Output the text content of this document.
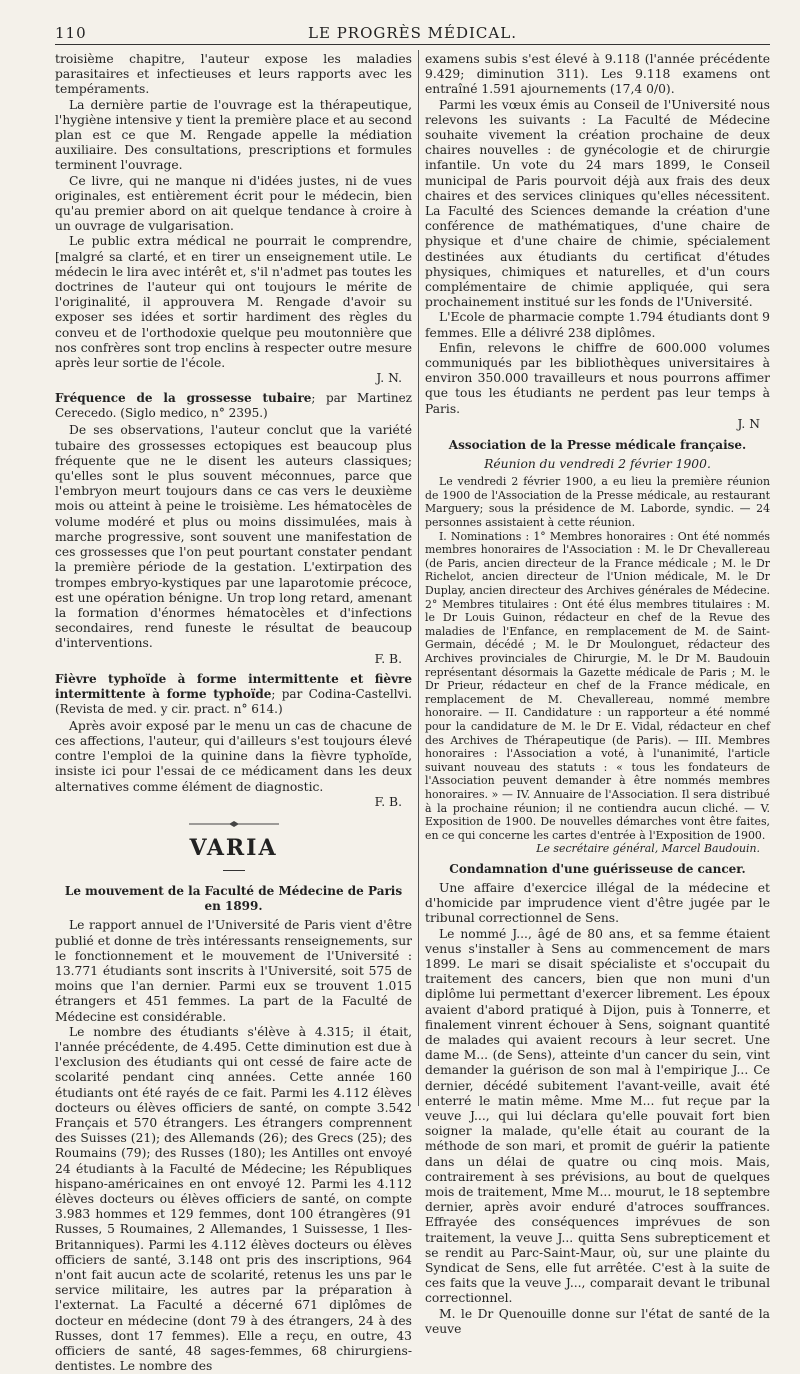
110	LE PROGRÈS MÉDICAL.

troisième chapitre, l'auteur expose les maladies parasitaires et infectieuses et leurs rapports avec les tempéraments.

La dernière partie de l'ouvrage est la thérapeutique, l'hygiène intensive y tient la première place et au second plan est ce que M. Rengade appelle la médiation auxiliaire. Des consultations, prescriptions et formules terminent l'ouvrage.

Ce livre, qui ne manque ni d'idées justes, ni de vues originales, est entièrement écrit pour le médecin, bien qu'au premier abord on ait quelque tendance à croire à un ouvrage de vulgarisation.

Le public extra médical ne pourrait le comprendre, [malgré sa clarté, et en tirer un enseignement utile. Le médecin le lira avec intérêt et, s'il n'admet pas toutes les doctrines de l'auteur qui ont toujours le mérite de l'originalité, il approuvera M. Rengade d'avoir su exposer ses idées et sortir hardiment des règles du conveu et de l'orthodoxie quelque peu moutonnière que nos confrères sont trop enclins à respecter outre mesure après leur sortie de l'école.

J. N.

Fréquence de la grossesse tubaire; par Martinez Cerecedo. (Siglo medico, n° 2395.)

De ses observations, l'auteur conclut que la variété tubaire des grossesses ectopiques est beaucoup plus fréquente que ne le disent les auteurs classiques; qu'elles sont le plus souvent méconnues, parce que l'embryon meurt toujours dans ce cas vers le deuxième mois ou atteint à peine le troisième. Les hématocèles de volume modéré et plus ou moins dissimulées, mais à marche progressive, sont souvent une manifestation de ces grossesses que l'on peut pourtant constater pendant la première période de la gestation. L'extirpation des trompes embryo-kystiques par une laparotomie précoce, est une opération bénigne. Un trop long retard, amenant la formation d'énormes hématocèles et d'infections secondaires, rend funeste le résultat de beaucoup d'interventions.

F. B.

Fièvre typhoïde à forme intermittente et fièvre intermittente à forme typhoïde; par Codina-Castellvi. (Revista de med. y cir. pract. n° 614.)

Après avoir exposé par le menu un cas de chacune de ces affections, l'auteur, qui d'ailleurs s'est toujours élevé contre l'emploi de la quinine dans la fièvre typhoïde, insiste ici pour l'essai de ce médicament dans les deux alternatives comme élément de diagnostic.

F. B.

VARIA
Le mouvement de la Faculté de Médecine de Paris en 1899.

Le rapport annuel de l'Université de Paris vient d'être publié et donne de très intéressants renseignements, sur le fonctionnement et le mouvement de l'Université : 13.771 étudiants sont inscrits à l'Université, soit 575 de moins que l'an dernier. Parmi eux se trouvent 1.015 étrangers et 451 femmes. La part de la Faculté de Médecine est considérable.

Le nombre des étudiants s'élève à 4.315; il était, l'année précédente, de 4.495. Cette diminution est due à l'exclusion des étudiants qui ont cessé de faire acte de scolarité pendant cinq années. Cette année 160 étudiants ont été rayés de ce fait. Parmi les 4.112 élèves docteurs ou élèves officiers de santé, on compte 3.542 Français et 570 étrangers. Les étrangers comprennent des Suisses (21); des Allemands (26); des Grecs (25); des Roumains (79); des Russes (180); les Antilles ont envoyé 24 étudiants à la Faculté de Médecine; les Républiques hispano-américaines en ont envoyé 12. Parmi les 4.112 élèves docteurs ou élèves officiers de santé, on compte 3.983 hommes et 129 femmes, dont 100 étrangères (91 Russes, 5 Roumaines, 2 Allemandes, 1 Suissesse, 1 Iles-Britanniques). Parmi les 4.112 élèves docteurs ou élèves officiers de santé, 3.148 ont pris des inscriptions, 964 n'ont fait aucun acte de scolarité, retenus les uns par le service militaire, les autres par la préparation à l'externat. La Faculté a décerné 671 diplômes de docteur en médecine (dont 79 à des étrangers, 24 à des Russes, dont 17 femmes). Elle a reçu, en outre, 43 officiers de santé, 48 sages-femmes, 68 chirurgiens-dentistes. Le nombre des

examens subis s'est élevé à 9.118 (l'année précédente 9.429; diminution 311). Les 9.118 examens ont entraîné 1.591 ajournements (17,4 0/0).

Parmi les vœux émis au Conseil de l'Université nous relevons les suivants : La Faculté de Médecine souhaite vivement la création prochaine de deux chaires nouvelles : de gynécologie et de chirurgie infantile. Un vote du 24 mars 1899, le Conseil municipal de Paris pourvoit déjà aux frais des deux chaires et des services cliniques qu'elles nécessitent. La Faculté des Sciences demande la création d'une conférence de mathématiques, d'une chaire de physique et d'une chaire de chimie, spécialement destinées aux étudiants du certificat d'études physiques, chimiques et naturelles, et d'un cours complémentaire de chimie appliquée, qui sera prochainement institué sur les fonds de l'Université.

L'Ecole de pharmacie compte 1.794 étudiants dont 9 femmes. Elle a délivré 238 diplômes.

Enfin, relevons le chiffre de 600.000 volumes communiqués par les bibliothèques universitaires à environ 350.000 travailleurs et nous pourrons affimer que tous les étudiants ne perdent pas leur temps à Paris.

J. N

Association de la Presse médicale française.
Réunion du vendredi 2 février 1900.

Le vendredi 2 février 1900, a eu lieu la première réunion de 1900 de l'Association de la Presse médicale, au restaurant Marguery; sous la présidence de M. Laborde, syndic. — 24 personnes assistaient à cette réunion.

I. Nominations : 1° Membres honoraires : Ont été nommés membres honoraires de l'Association : M. le Dr Chevallereau (de Paris, ancien directeur de la France médicale ; M. le Dr Richelot, ancien directeur de l'Union médicale, M. le Dr Duplay, ancien directeur des Archives générales de Médecine. 2° Membres titulaires : Ont été élus membres titulaires : M. le Dr Louis Guinon, rédacteur en chef de la Revue des maladies de l'Enfance, en remplacement de M. de Saint-Germain, décédé ; M. le Dr Moulonguet, rédacteur des Archives provinciales de Chirurgie, M. le Dr M. Baudouin représentant désormais la Gazette médicale de Paris ; M. le Dr Prieur, rédacteur en chef de la France médicale, en remplacement de M. Chevallereau, nommé membre honoraire. — II. Candidature : un rapporteur a été nommé pour la candidature de M. le Dr E. Vidal, rédacteur en chef des Archives de Thérapeutique (de Paris). — III. Membres honoraires : l'Association a voté, à l'unanimité, l'article suivant nouveau des statuts : « tous les fondateurs de l'Association peuvent demander à être nommés membres honoraires. » — IV. Annuaire de l'Association. Il sera distribué à la prochaine réunion; il ne contiendra aucun cliché. — V. Exposition de 1900. De nouvelles démarches vont être faites, en ce qui concerne les cartes d'entrée à l'Exposition de 1900.

Le secrétaire général, Marcel Baudouin.

Condamnation d'une guérisseuse de cancer.

Une affaire d'exercice illégal de la médecine et d'homicide par imprudence vient d'être jugée par le tribunal correctionnel de Sens.

Le nommé J..., âgé de 80 ans, et sa femme étaient venus s'installer à Sens au commencement de mars 1899. Le mari se disait spécialiste et s'occupait du traitement des cancers, bien que non muni d'un diplôme lui permettant d'exercer librement. Les époux avaient d'abord pratiqué à Dijon, puis à Tonnerre, et finalement vinrent échouer à Sens, soignant quantité de malades qui avaient recours à leur secret. Une dame M... (de Sens), atteinte d'un cancer du sein, vint demander la guérison de son mal à l'empirique J... Ce dernier, décédé subitement l'avant-veille, avait été enterré le matin même. Mme M... fut reçue par la veuve J..., qui lui déclara qu'elle pouvait fort bien soigner la malade, qu'elle était au courant de la méthode de son mari, et promit de guérir la patiente dans un délai de quatre ou cinq mois. Mais, contrairement à ses prévisions, au bout de quelques mois de traitement, Mme M... mourut, le 18 septembre dernier, après avoir enduré d'atroces souffrances. Effrayée des conséquences imprévues de son traitement, la veuve J... quitta Sens subrepticement et se rendit au Parc-Saint-Maur, où, sur une plainte du Syndicat de Sens, elle fut arrêtée. C'est à la suite de ces faits que la veuve J..., comparait devant le tribunal correctionnel.

M. le Dr Quenouille donne sur l'état de santé de la veuve
